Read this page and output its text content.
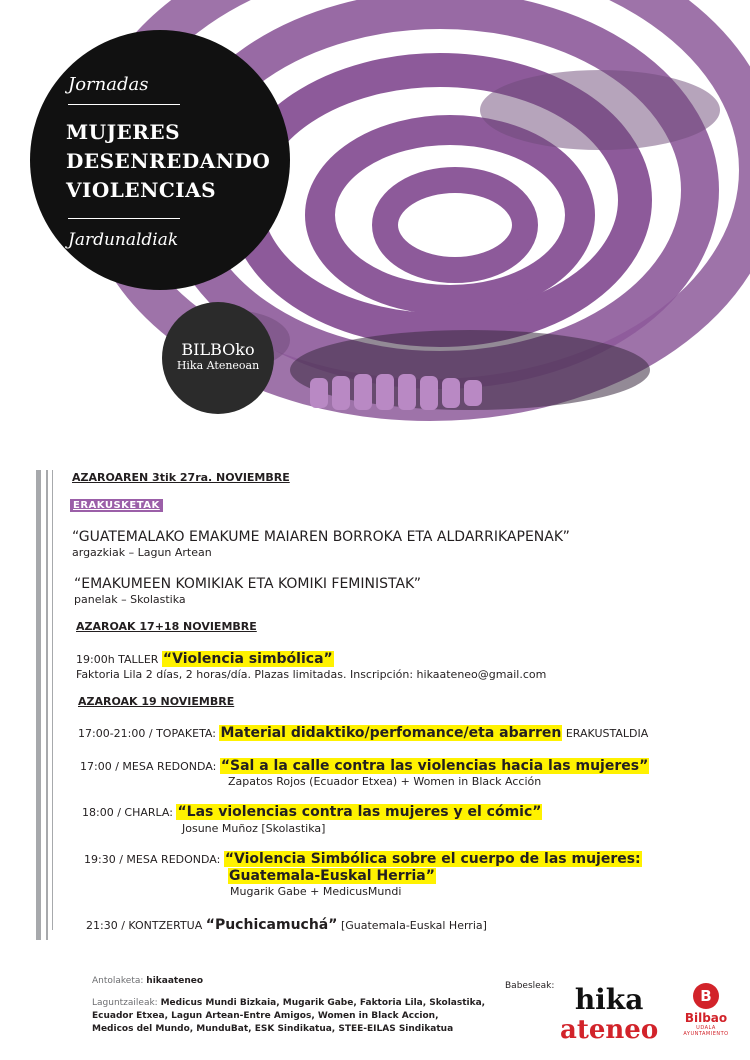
Jornadas
MUJERES
DESENREDANDO
VIOLENCIAS
Jardunaldiak
BILBOko
Hika Ateneoan
AZAROAREN 3tik 27ra. NOVIEMBRE
ERAKUSKETAK
“GUATEMALAKO EMAKUME MAIAREN BORROKA ETA ALDARRIKAPENAK”
argazkiak – Lagun Artean
“EMAKUMEEN KOMIKIAK ETA KOMIKI FEMINISTAK”
panelak – Skolastika
AZAROAK 17+18 NOVIEMBRE
19:00h TALLER “Violencia simbólica”
Faktoria Lila 2 días, 2 horas/día. Plazas limitadas. Inscripción: hikaateneo@gmail.com
AZAROAK 19 NOVIEMBRE
17:00-21:00 / TOPAKETA: Material didaktiko/perfomance/eta abarren ERAKUSTALDIA
17:00 / MESA REDONDA: “Sal a la calle contra las violencias hacia las mujeres”
Zapatos Rojos (Ecuador Etxea) + Women in Black Acción
18:00 / CHARLA: “Las violencias contra las mujeres y el cómic”
Josune Muñoz [Skolastika]
19:30 / MESA REDONDA: “Violencia Simbólica sobre el cuerpo de las mujeres:
Guatemala-Euskal Herria”
Mugarik Gabe + MedicusMundi
21:30 / KONTZERTUA “Puchicamuchá” [Guatemala-Euskal Herria]
Antolaketa: hikaateneo
Laguntzaileak: Medicus Mundi Bizkaia, Mugarik Gabe, Faktoria Lila, Skolastika,
Ecuador Etxea, Lagun Artean-Entre Amigos, Women in Black Accion,
Medicos del Mundo, MunduBat, ESK Sindikatua, STEE-EILAS Sindikatua
Babesleak: hika
ateneo
B
Bilbao
UDALA AYUNTAMIENTO
